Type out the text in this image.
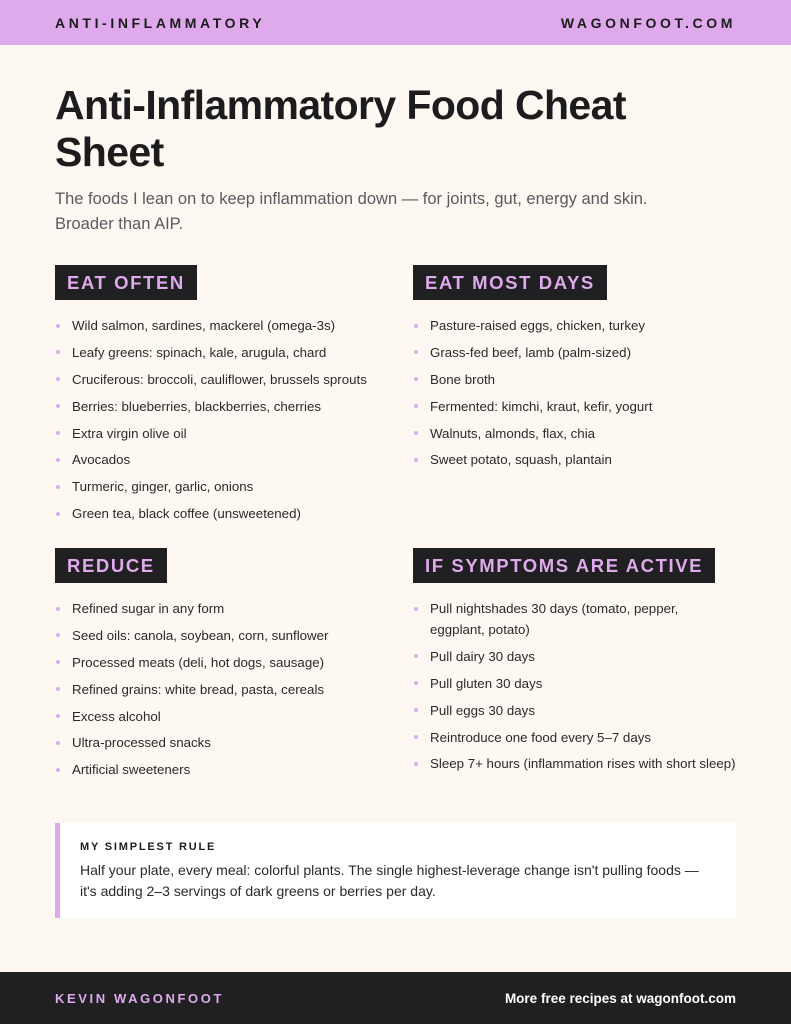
ANTI-INFLAMMATORY	WAGONFOOT.COM
Anti-Inflammatory Food Cheat Sheet

The foods I lean on to keep inflammation down — for joints, gut, energy and skin. Broader than AIP.

EAT OFTEN
Wild salmon, sardines, mackerel (omega-3s)
Leafy greens: spinach, kale, arugula, chard
Cruciferous: broccoli, cauliflower, brussels sprouts
Berries: blueberries, blackberries, cherries
Extra virgin olive oil
Avocados
Turmeric, ginger, garlic, onions
Green tea, black coffee (unsweetened)
EAT MOST DAYS
Pasture-raised eggs, chicken, turkey
Grass-fed beef, lamb (palm-sized)
Bone broth
Fermented: kimchi, kraut, kefir, yogurt
Walnuts, almonds, flax, chia
Sweet potato, squash, plantain
REDUCE
Refined sugar in any form
Seed oils: canola, soybean, corn, sunflower
Processed meats (deli, hot dogs, sausage)
Refined grains: white bread, pasta, cereals
Excess alcohol
Ultra-processed snacks
Artificial sweeteners
IF SYMPTOMS ARE ACTIVE
Pull nightshades 30 days (tomato, pepper, eggplant, potato)
Pull dairy 30 days
Pull gluten 30 days
Pull eggs 30 days
Reintroduce one food every 5–7 days
Sleep 7+ hours (inflammation rises with short sleep)
MY SIMPLEST RULE
Half your plate, every meal: colorful plants. The single highest-leverage change isn't pulling foods — it's adding 2–3 servings of dark greens or berries per day.
KEVIN WAGONFOOT	More free recipes at wagonfoot.com
